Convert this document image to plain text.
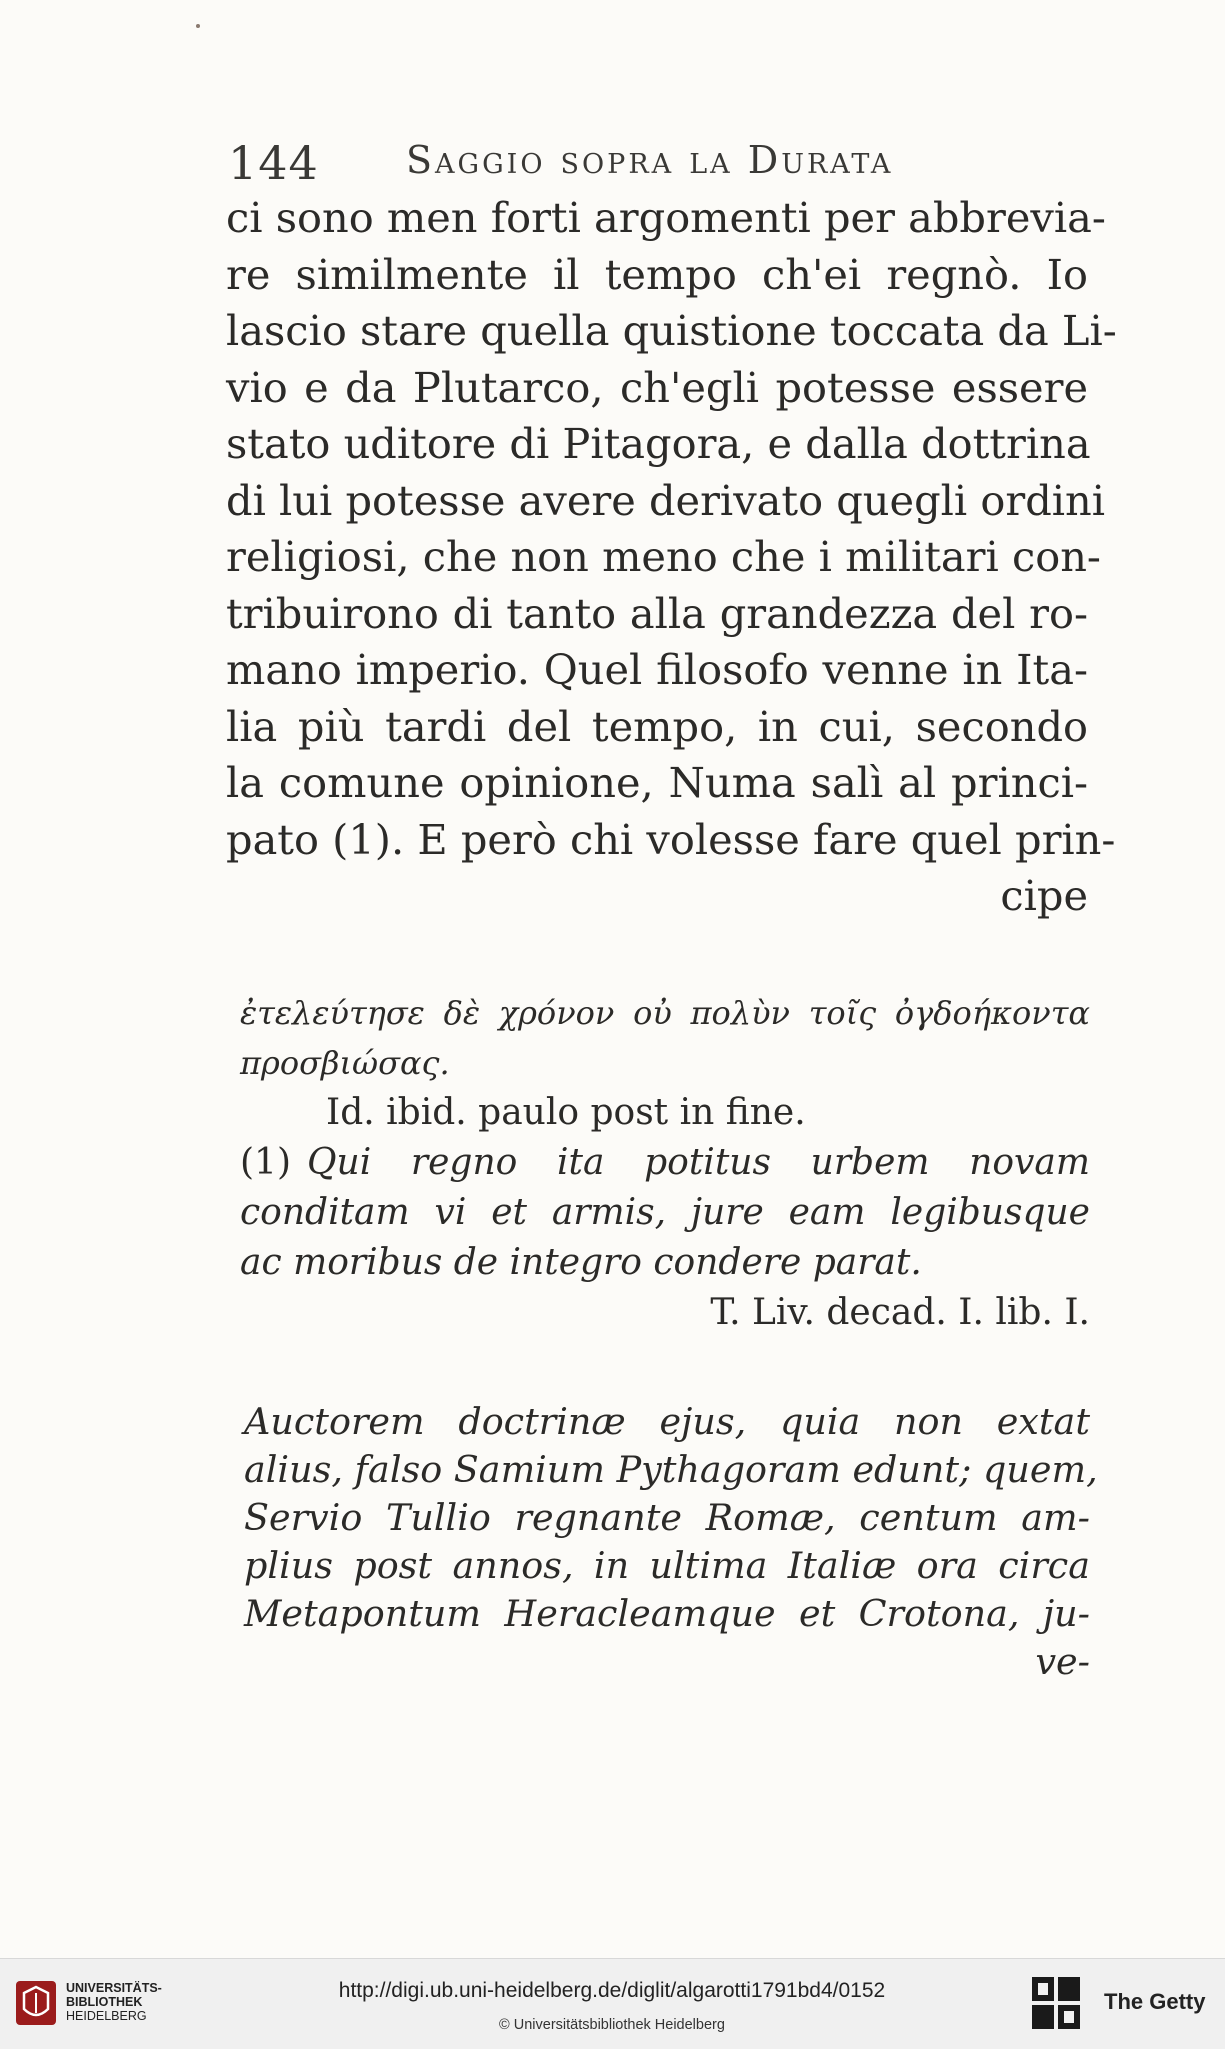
144 Saggio sopra la Durata
ci sono men forti argomenti per abbrevia-
re similmente il tempo ch'ei regnò. Io
lascio stare quella quistione toccata da Li-
vio e da Plutarco, ch'egli potesse essere
stato uditore di Pitagora, e dalla dottrina
di lui potesse avere derivato quegli ordini
religiosi, che non meno che i militari con-
tribuirono di tanto alla grandezza del ro-
mano imperio. Quel filosofo venne in Ita-
lia più tardi del tempo, in cui, secondo
la comune opinione, Numa salì al princi-
pato (1). E però chi volesse fare quel prin-
cipe
ἐτελεύτησε δὲ χρόνον οὐ πολὺν τοῖς ὀγδοήκοντα
προσβιώσας.
Id. ibid. paulo post in fine.
(1) Qui regno ita potitus urbem novam
conditam vi et armis, jure eam legibusque
ac moribus de integro condere parat.
T. Liv. decad. I. lib. I.
Auctorem doctrinæ ejus, quia non extat
alius, falso Samium Pythagoram edunt; quem,
Servio Tullio regnante Romæ, centum am-
plius post annos, in ultima Italiæ ora circa
Metapontum Heracleamque et Crotona, ju-
ve-
UNIVERSITÄTS-
BIBLIOTHEK
HEIDELBERG
http://digi.ub.uni-heidelberg.de/diglit/algarotti1791bd4/0152
© Universitätsbibliothek Heidelberg
The Getty
